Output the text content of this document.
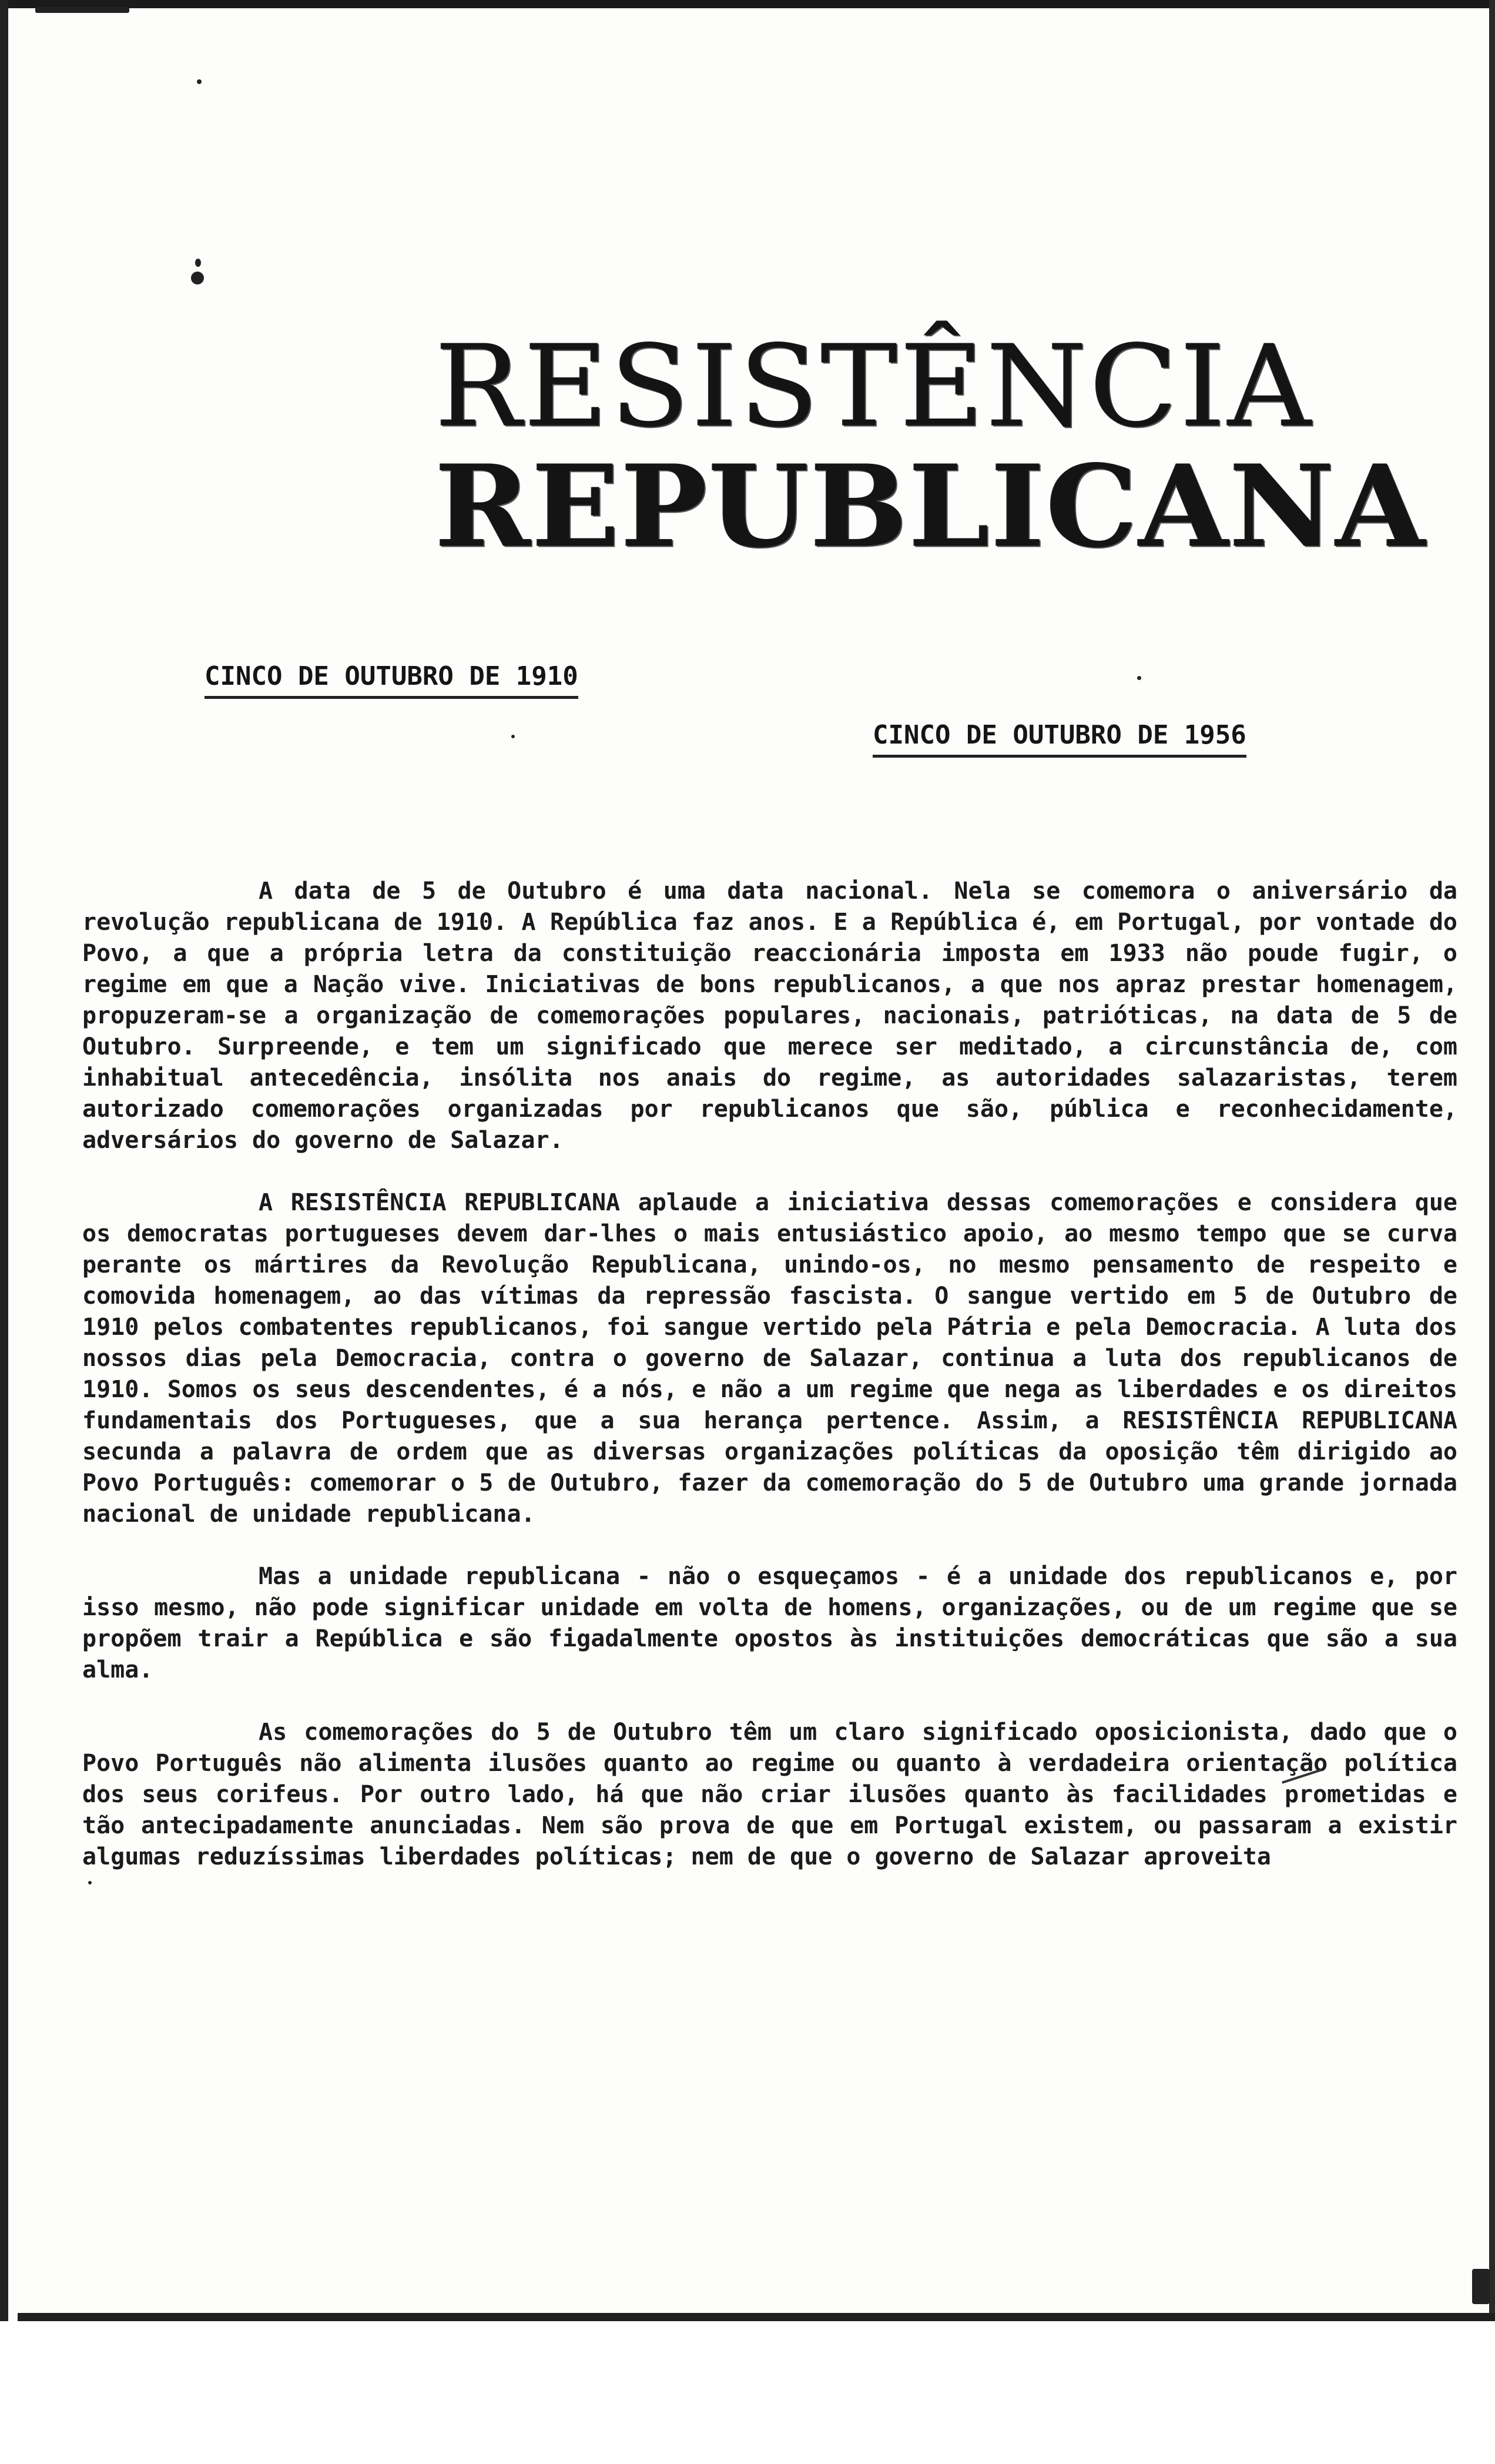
RESISTÊNCIA
REPUBLICANA
CINCO DE OUTUBRO DE 1910
CINCO DE OUTUBRO DE 1956

A data de 5 de Outubro é uma data nacional. Nela se comemora o aniversário da revolução republicana de 1910. A República faz anos. E a República é, em Portugal, por vontade do Povo, a que a própria letra da constituição reaccionária imposta em 1933 não poude fugir, o regime em que a Nação vive. Iniciativas de bons republicanos, a que nos apraz prestar homenagem, propuzeram-se a organização de comemorações populares, nacionais, patrióticas, na data de 5 de Outubro. Surpreende, e tem um significado que merece ser meditado, a circunstância de, com inhabitual antecedência, insólita nos anais do regime, as autoridades salazaristas, terem autorizado comemorações organizadas por republicanos que são, pública e reconhecidamente, adversários do governo de Salazar.

A RESISTÊNCIA REPUBLICANA aplaude a iniciativa dessas comemorações e considera que os democratas portugueses devem dar-lhes o mais entusiástico apoio, ao mesmo tempo que se curva perante os mártires da Revolução Republicana, unindo-os, no mesmo pensamento de respeito e comovida homenagem, ao das vítimas da repressão fascista. O sangue vertido em 5 de Outubro de 1910 pelos combatentes republicanos, foi sangue vertido pela Pátria e pela Democracia. A luta dos nossos dias pela Democracia, contra o governo de Salazar, continua a luta dos republicanos de 1910. Somos os seus descendentes, é a nós, e não a um regime que nega as liberdades e os direitos fundamentais dos Portugueses, que a sua herança pertence. Assim, a RESISTÊNCIA REPUBLICANA secunda a palavra de ordem que as diversas organizações políticas da oposição têm dirigido ao Povo Português: comemorar o 5 de Outubro, fazer da comemoração do 5 de Outubro uma grande jornada nacional de unidade republicana.

Mas a unidade republicana - não o esqueçamos - é a unidade dos republicanos e, por isso mesmo, não pode significar unidade em volta de homens, organizações, ou de um regime que se propõem trair a República e são figadalmente opostos às instituições democráticas que são a sua alma.

As comemorações do 5 de Outubro têm um claro significado oposicionista, dado que o Povo Português não alimenta ilusões quanto ao regime ou quanto à verdadeira orientação política dos seus corifeus. Por outro lado, há que não criar ilusões quanto às facilidades prometidas e tão antecipadamente anunciadas. Nem são prova de que em Portugal existem, ou passaram a existir algumas reduzíssimas liberdades políticas; nem de que o governo de Salazar aproveita
